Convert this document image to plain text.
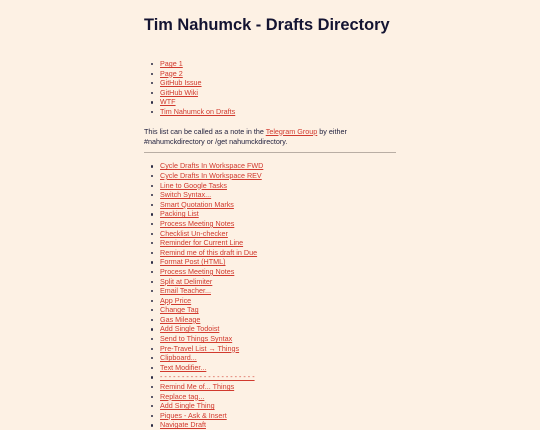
Tim Nahumck - Drafts Directory
Page 1
Page 2
GitHub Issue
GitHub Wiki
WTF
Tim Nahumck on Drafts

This list can be called as a note in the Telegram Group by either #nahumckdirectory or /get nahumckdirectory.

Cycle Drafts In Workspace FWD
Cycle Drafts In Workspace REV
Line to Google Tasks
Switch Syntax...
Smart Quotation Marks
Packing List
Process Meeting Notes
Checklist Un-checker
Reminder for Current Line
Remind me of this draft in Due
Format Post (HTML)
Process Meeting Notes
Split at Delimiter
Email Teacher...
App Price
Change Tag
Gas Mileage
Add Single Todoist
Send to Things Syntax
Pre-Travel List → Things
Clipboard...
Text Modifier...
- - - - - - - - - - - - - - - - - - - - - -
Remind Me of... Things
Replace tag...
Add Single Thing
Piques - Ask & Insert
Navigate Draft
